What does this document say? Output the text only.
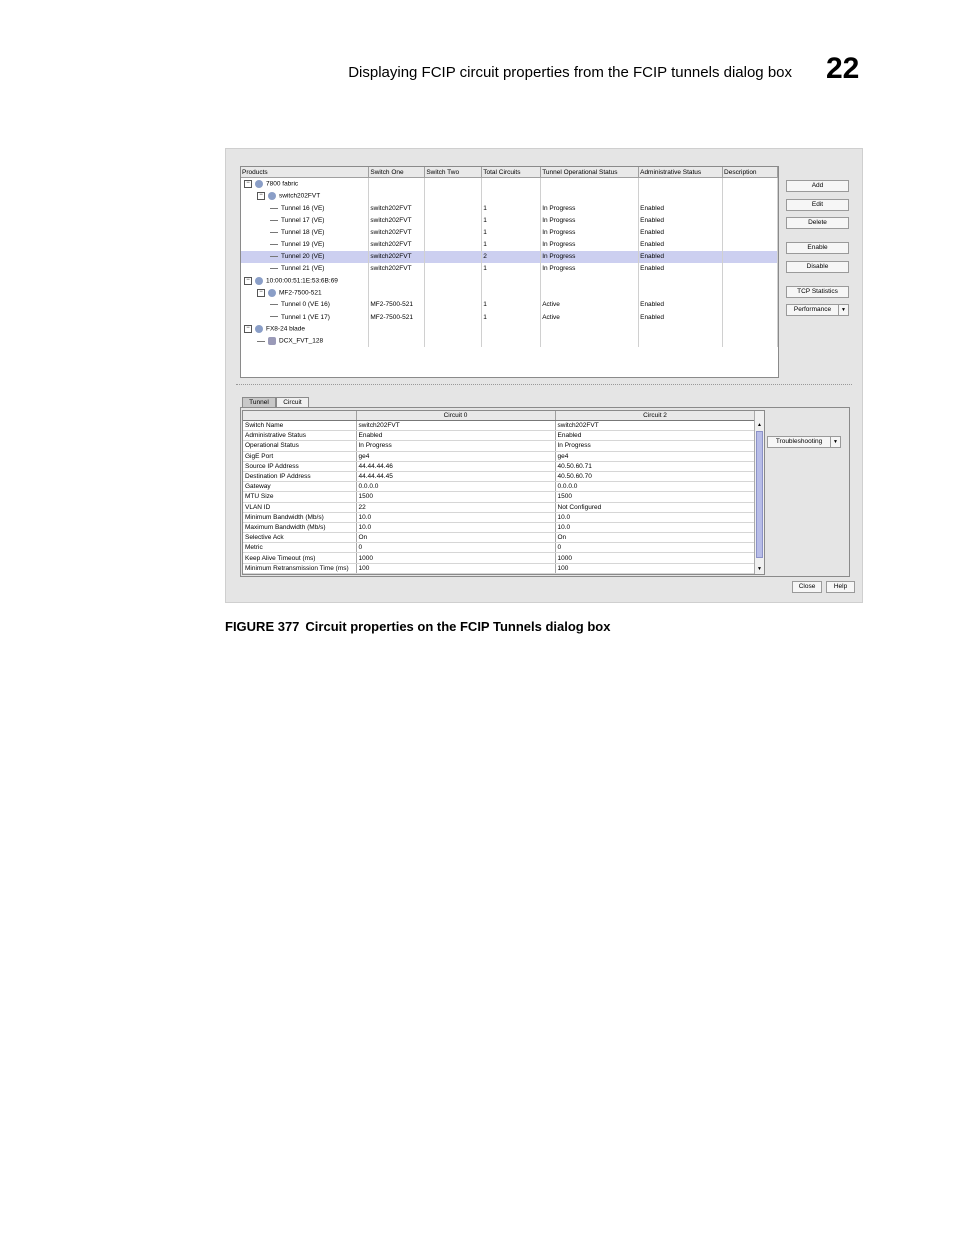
Displaying FCIP circuit properties from the FCIP tunnels dialog box 22
Products	Switch One	Switch Two	Total Circuits	Tunnel Operational Status	Administrative Status	Description
− 7800 fabric						
− switch202FVT						
Tunnel 16 (VE)	switch202FVT		1	In Progress	Enabled	
Tunnel 17 (VE)	switch202FVT		1	In Progress	Enabled	
Tunnel 18 (VE)	switch202FVT		1	In Progress	Enabled	
Tunnel 19 (VE)	switch202FVT		1	In Progress	Enabled	
Tunnel 20 (VE)	switch202FVT		2	In Progress	Enabled	
Tunnel 21 (VE)	switch202FVT		1	In Progress	Enabled	
− 10:00:00:51:1E:53:6B:69						
− MF2-7500-521						
Tunnel 0 (VE 16)	MF2-7500-521		1	Active	Enabled	
Tunnel 1 (VE 17)	MF2-7500-521		1	Active	Enabled	
− FX8-24 blade						
DCX_FVT_128						
Add
Edit
Delete
Enable
Disable
TCP Statistics
Performance	▼
Tunnel	Circuit
	Circuit 0	Circuit 2
Switch Name	switch202FVT	switch202FVT
Administrative Status	Enabled	Enabled
Operational Status	In Progress	In Progress
GigE Port	ge4	ge4
Source IP Address	44.44.44.46	40.50.60.71
Destination IP Address	44.44.44.45	40.50.60.70
Gateway	0.0.0.0	0.0.0.0
MTU Size	1500	1500
VLAN ID	22	Not Configured
Minimum Bandwidth (Mb/s)	10.0	10.0
Maximum Bandwidth (Mb/s)	10.0	10.0
Selective Ack	On	On
Metric	0	0
Keep Alive Timeout (ms)	1000	1000
Minimum Retransmission Time (ms)	100	100
▲
▼
Troubleshooting	▼
Close	Help
FIGURE 377 Circuit properties on the FCIP Tunnels dialog box
